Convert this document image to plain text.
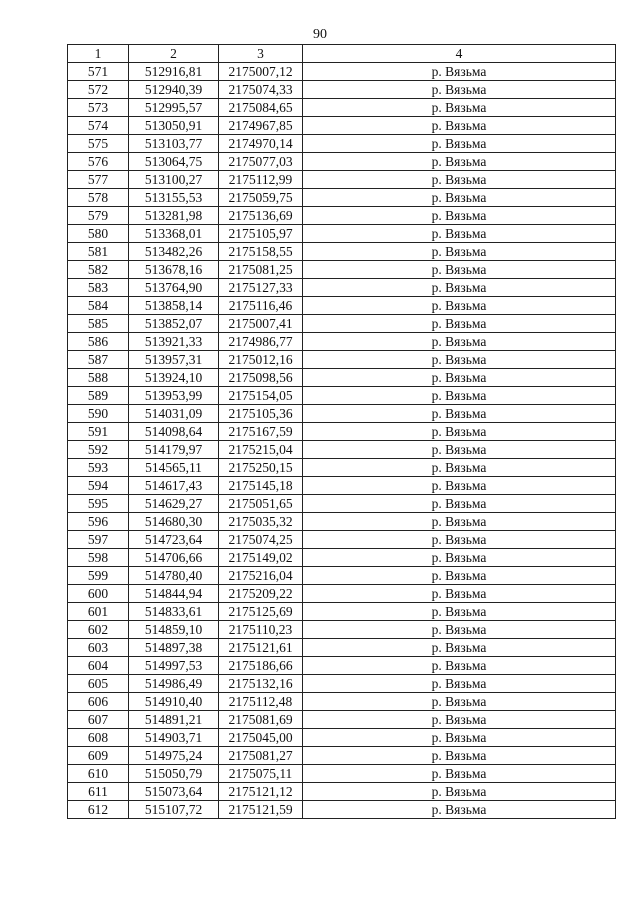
90
1	2	3	4
571	512916,81	2175007,12	р. Вязьма
572	512940,39	2175074,33	р. Вязьма
573	512995,57	2175084,65	р. Вязьма
574	513050,91	2174967,85	р. Вязьма
575	513103,77	2174970,14	р. Вязьма
576	513064,75	2175077,03	р. Вязьма
577	513100,27	2175112,99	р. Вязьма
578	513155,53	2175059,75	р. Вязьма
579	513281,98	2175136,69	р. Вязьма
580	513368,01	2175105,97	р. Вязьма
581	513482,26	2175158,55	р. Вязьма
582	513678,16	2175081,25	р. Вязьма
583	513764,90	2175127,33	р. Вязьма
584	513858,14	2175116,46	р. Вязьма
585	513852,07	2175007,41	р. Вязьма
586	513921,33	2174986,77	р. Вязьма
587	513957,31	2175012,16	р. Вязьма
588	513924,10	2175098,56	р. Вязьма
589	513953,99	2175154,05	р. Вязьма
590	514031,09	2175105,36	р. Вязьма
591	514098,64	2175167,59	р. Вязьма
592	514179,97	2175215,04	р. Вязьма
593	514565,11	2175250,15	р. Вязьма
594	514617,43	2175145,18	р. Вязьма
595	514629,27	2175051,65	р. Вязьма
596	514680,30	2175035,32	р. Вязьма
597	514723,64	2175074,25	р. Вязьма
598	514706,66	2175149,02	р. Вязьма
599	514780,40	2175216,04	р. Вязьма
600	514844,94	2175209,22	р. Вязьма
601	514833,61	2175125,69	р. Вязьма
602	514859,10	2175110,23	р. Вязьма
603	514897,38	2175121,61	р. Вязьма
604	514997,53	2175186,66	р. Вязьма
605	514986,49	2175132,16	р. Вязьма
606	514910,40	2175112,48	р. Вязьма
607	514891,21	2175081,69	р. Вязьма
608	514903,71	2175045,00	р. Вязьма
609	514975,24	2175081,27	р. Вязьма
610	515050,79	2175075,11	р. Вязьма
611	515073,64	2175121,12	р. Вязьма
612	515107,72	2175121,59	р. Вязьма
